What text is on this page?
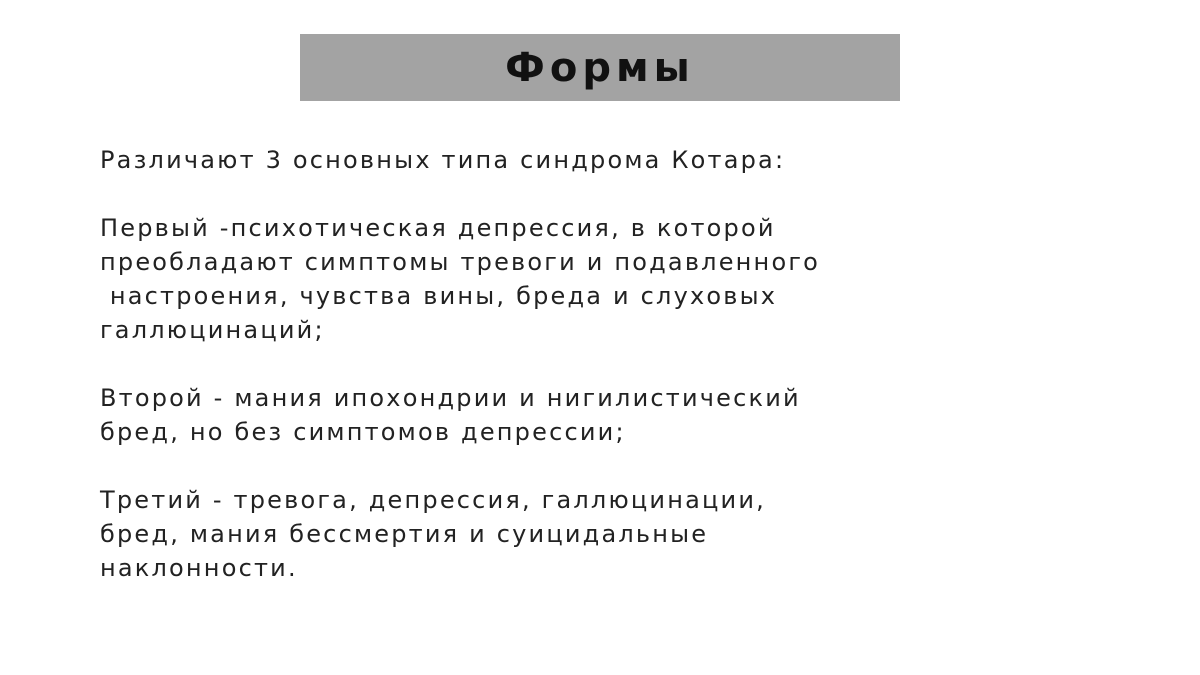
Формы
Различают 3 основных типа синдрома Котара:
Первый -психотическая депрессия, в которой
преобладают симптомы тревоги и подавленного
настроения, чувства вины, бреда и слуховых
галлюцинаций;
Второй - мания ипохондрии и нигилистический
бред, но без симптомов депрессии;
Третий - тревога, депрессия, галлюцинации,
бред, мания бессмертия и суицидальные
наклонности.
